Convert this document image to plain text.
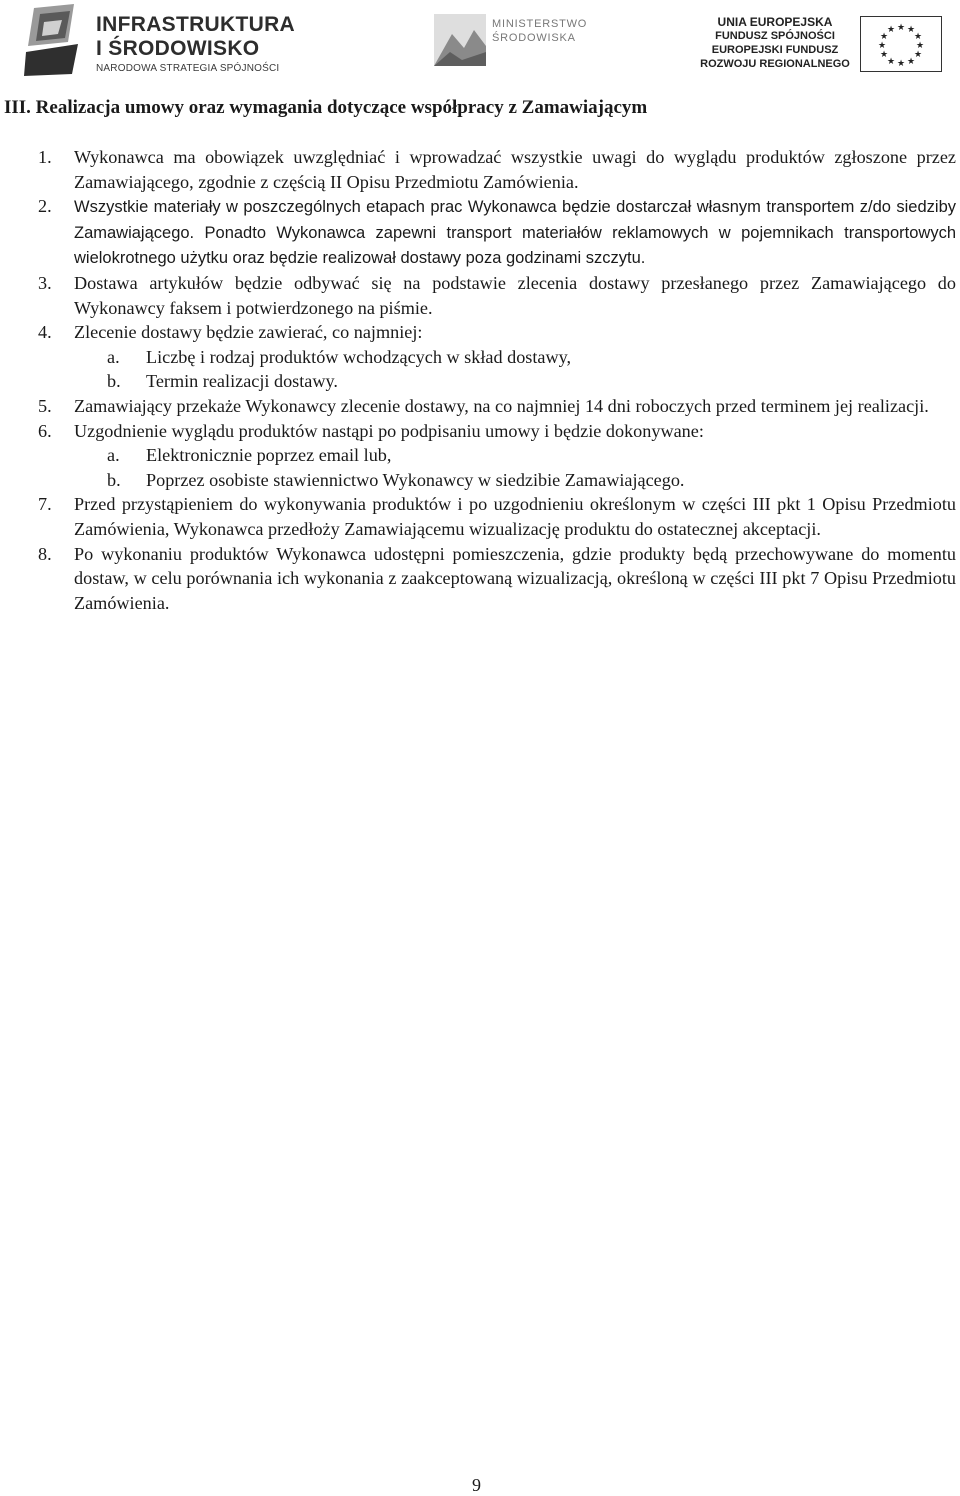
INFRASTRUKTURA
I ŚRODOWISKO
NARODOWA STRATEGIA SPÓJNOŚCI
MINISTERSTWO
ŚRODOWISKA
UNIA EUROPEJSKA
FUNDUSZ SPÓJNOŚCI
EUROPEJSKI FUNDUSZ
ROZWOJU REGIONALNEGO
★ ★
★
★
★
★
★
★
★
★
★
★
III. Realizacja umowy oraz wymagania dotyczące współpracy z Zamawiającym
1. Wykonawca ma obowiązek uwzględniać i wprowadzać wszystkie uwagi do wyglądu produktów zgłoszone przez Zamawiającego, zgodnie z częścią II Opisu Przedmiotu Zamówienia.
2. Wszystkie materiały w poszczególnych etapach prac Wykonawca będzie dostarczał własnym transportem z/do siedziby Zamawiającego. Ponadto Wykonawca zapewni transport materiałów reklamowych w pojemnikach transportowych wielokrotnego użytku oraz będzie realizował dostawy poza godzinami szczytu.
3. Dostawa artykułów będzie odbywać się na podstawie zlecenia dostawy przesłanego przez Zamawiającego do Wykonawcy faksem i potwierdzonego na piśmie.
4. Zlecenie dostawy będzie zawierać, co najmniej:
a. Liczbę i rodzaj produktów wchodzących w skład dostawy,
b. Termin realizacji dostawy.
5. Zamawiający przekaże Wykonawcy zlecenie dostawy, na co najmniej 14 dni roboczych przed terminem jej realizacji.
6. Uzgodnienie wyglądu produktów nastąpi po podpisaniu umowy i będzie dokonywane:
a. Elektronicznie poprzez email lub,
b. Poprzez osobiste stawiennictwo Wykonawcy w siedzibie Zamawiającego.
7. Przed przystąpieniem do wykonywania produktów i po uzgodnieniu określonym w części III pkt 1 Opisu Przedmiotu Zamówienia, Wykonawca przedłoży Zamawiającemu wizualizację produktu do ostatecznej akceptacji.
8. Po wykonaniu produktów Wykonawca udostępni pomieszczenia, gdzie produkty będą przechowywane do momentu dostaw, w celu porównania ich wykonania z zaakceptowaną wizualizacją, określoną w części III pkt 7 Opisu Przedmiotu Zamówienia.
9
